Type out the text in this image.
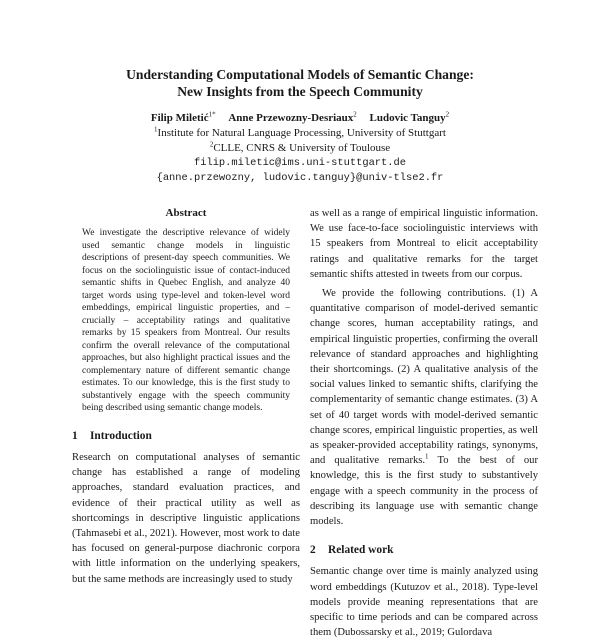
Understanding Computational Models of Semantic Change:
New Insights from the Speech Community
Filip Miletić$^{1*}$ Anne Przewozny-Desriaux$^2$ Ludovic Tanguy$^2$
$^1$Institute for Natural Language Processing, University of Stuttgart
$^2$CLLE, CNRS & University of Toulouse
filip.miletic@ims.uni-stuttgart.de
{anne.przewozny, ludovic.tanguy}@univ-tlse2.fr
Abstract

We investigate the descriptive relevance of widely used semantic change models in linguistic descriptions of present-day speech communities. We focus on the sociolinguistic issue of contact-induced semantic shifts in Quebec English, and analyze 40 target words using type-level and token-level word embeddings, empirical linguistic properties, and – crucially – acceptability ratings and qualitative remarks by 15 speakers from Montreal. Our results confirm the overall relevance of the computational approaches, but also highlight practical issues and the complementary nature of different semantic change estimates. To our knowledge, this is the first study to substantively engage with the speech community being described using semantic change models.

1 Introduction

Research on computational analyses of semantic change has established a range of modeling approaches, standard evaluation practices, and evidence of their practical utility as well as shortcomings in descriptive linguistic applications (Tahmasebi et al., 2021). However, most work to date has focused on general-purpose diachronic corpora with little information on the underlying speakers, but the same methods are increasingly used to study

as well as a range of empirical linguistic information. We use face-to-face sociolinguistic interviews with 15 speakers from Montreal to elicit acceptability ratings and qualitative remarks for the target semantic shifts attested in tweets from our corpus.

We provide the following contributions. (1) A quantitative comparison of model-derived semantic change scores, human acceptability ratings, and empirical linguistic properties, confirming the overall relevance of standard approaches and highlighting their shortcomings. (2) A qualitative analysis of the social values linked to semantic shifts, clarifying the complementarity of semantic change estimates. (3) A set of 40 target words with model-derived semantic change scores, empirical linguistic properties, as well as speaker-provided acceptability ratings, synonyms, and qualitative remarks.$^1$ To the best of our knowledge, this is the first study to substantively engage with a speech community in the process of describing its language use with semantic change models.

2 Related work

Semantic change over time is mainly analyzed using word embeddings (Kutuzov et al., 2018). Type-level models provide meaning representations that are specific to time periods and can be compared across them (Dubossarsky et al., 2019; Gulordava
